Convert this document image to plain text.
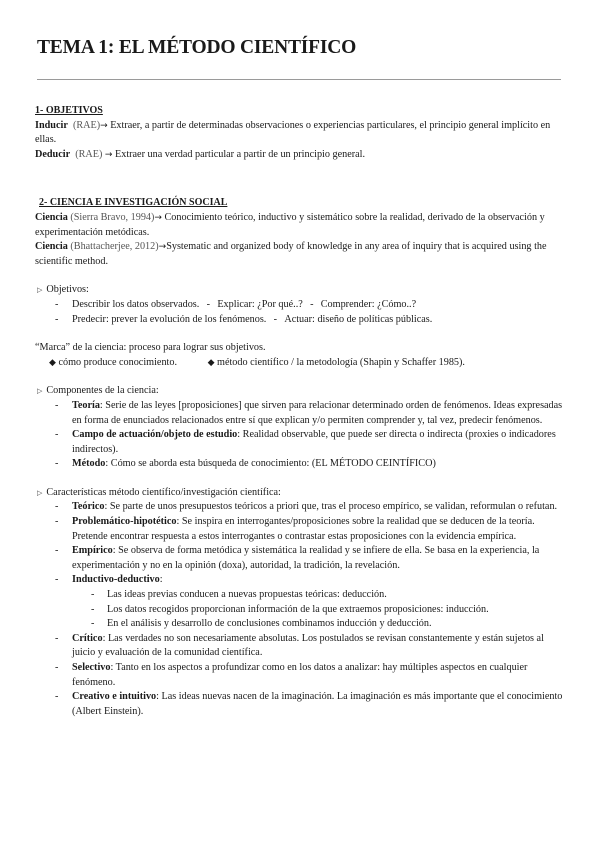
TEMA 1: EL MÉTODO CIENTÍFICO

1- OBJETIVOS

Inducir (RAE)→ Extraer, a partir de determinadas observaciones o experiencias particulares, el principio general implícito en ellas.

Deducir (RAE) → Extraer una verdad particular a partir de un principio general.

2- CIENCIA E INVESTIGACIÓN SOCIAL

Ciencia (Sierra Bravo, 1994)→ Conocimiento teórico, inductivo y sistemático sobre la realidad, derivado de la observación y experimentación metódicas.

Ciencia (Bhattacherjee, 2012)→Systematic and organized body of knowledge in any area of inquiry that is acquired using the scientific method.

▷ Objetivos:

- Describir los datos observados. - Explicar: ¿Por qué..? - Comprender: ¿Cómo..?
- Predecir: prever la evolución de los fenómenos. - Actuar: diseño de políticas públicas.

“Marca” de la ciencia: proceso para lograr sus objetivos.

◆ cómo produce conocimiento.	◆ método científico / la metodología (Shapin y Schaffer 1985).

▷ Componentes de la ciencia:

- Teoría: Serie de las leyes [proposiciones] que sirven para relacionar determinado orden de fenómenos. Ideas expresadas en forma de enunciados relacionados entre sí que explican y/o permiten comprender y, tal vez, predecir fenómenos.
- Campo de actuación/objeto de estudio: Realidad observable, que puede ser directa o indirecta (proxies o indicadores indirectos).
- Método: Cómo se aborda esta búsqueda de conocimiento: (EL MÉTODO CEINTÍFICO)

▷ Características método científico/investigación científica:

- Teórico: Se parte de unos presupuestos teóricos a priori que, tras el proceso empírico, se validan, reformulan o refutan.
- Problemático-hipotético: Se inspira en interrogantes/proposiciones sobre la realidad que se deducen de la teoría. Pretende encontrar respuesta a estos interrogantes o contrastar estas proposiciones con la evidencia empírica.
- Empírico: Se observa de forma metódica y sistemática la realidad y se infiere de ella. Se basa en la experiencia, la experimentación y no en la opinión (doxa), autoridad, la tradición, la revelación.
- Inductivo-deductivo:
- Las ideas previas conducen a nuevas propuestas teóricas: deducción.
- Los datos recogidos proporcionan información de la que extraemos proposiciones: inducción.
- En el análisis y desarrollo de conclusiones combinamos inducción y deducción.
- Crítico: Las verdades no son necesariamente absolutas. Los postulados se revisan constantemente y están sujetos al juicio y evaluación de la comunidad científica.
- Selectivo: Tanto en los aspectos a profundizar como en los datos a analizar: hay múltiples aspectos en cualquier fenómeno.
- Creativo e intuitivo: Las ideas nuevas nacen de la imaginación. La imaginación es más importante que el conocimiento (Albert Einstein).
